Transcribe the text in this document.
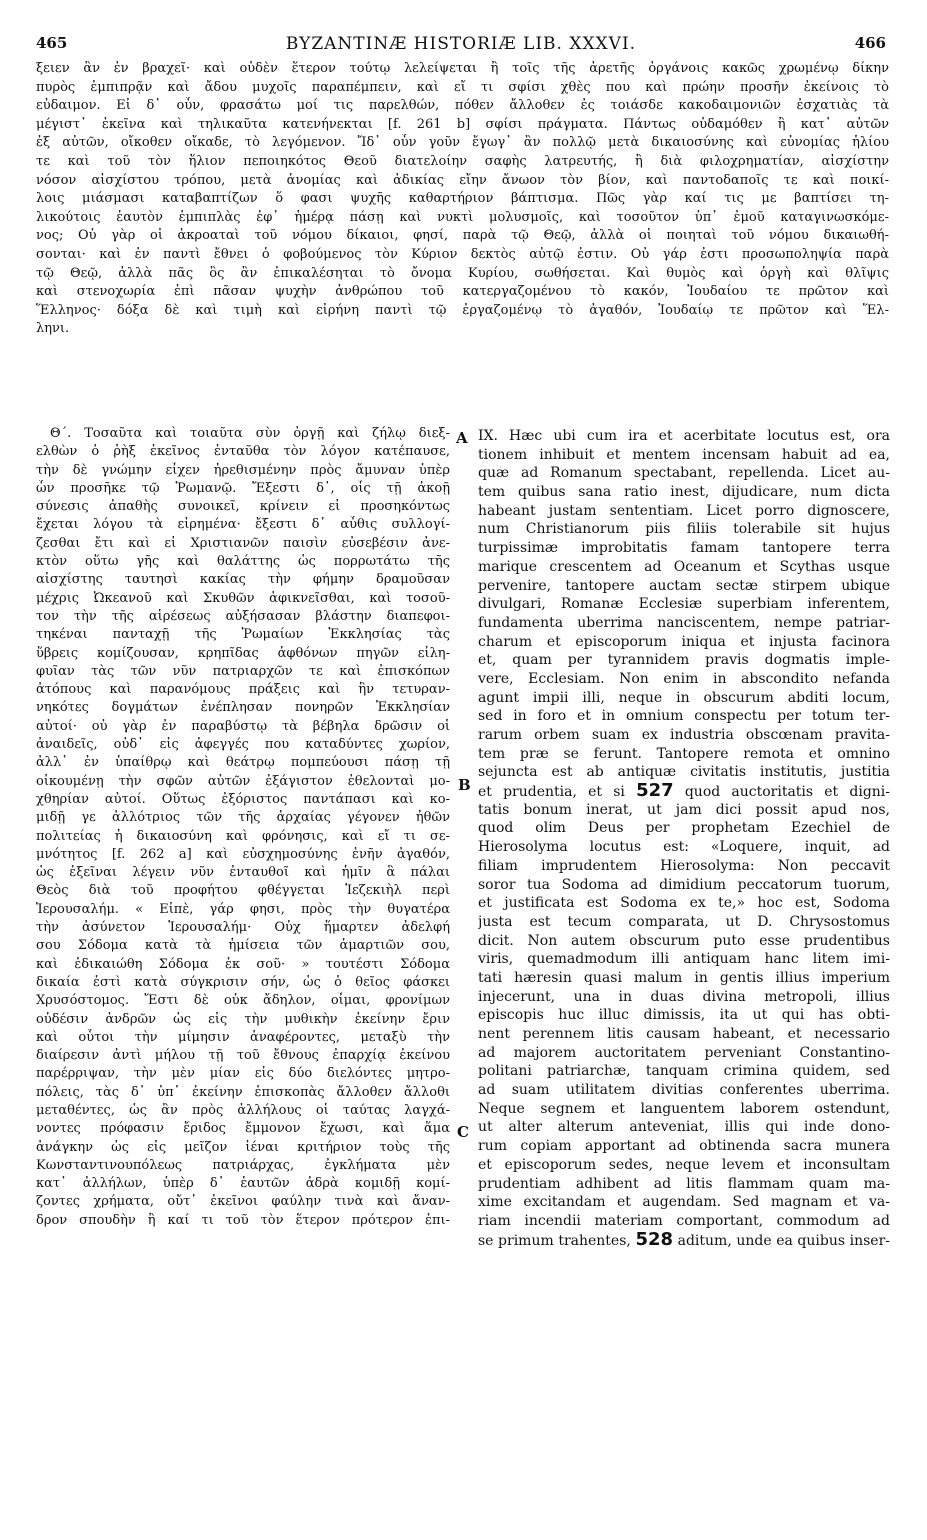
465	BYZANTINÆ HISTORIÆ LIB. XXXVI.	466
ξειεν ἂν ἐν βραχεῖ· καὶ οὐδὲν ἕτερον τούτῳ λελείψεται ἢ τοῖς τῆς ἀρετῆς ὀργάνοις κακῶς χρωμένῳ δίκην
πυρὸς ἐμπιπρᾷν καὶ ἄδου μυχοῖς παραπέμπειν, καὶ εἴ τι σφίσι χθὲς που καὶ πρώην προσῆν ἐκείνοις τὸ
εὐδαιμον. Εἰ δ᾽ οὖν, φρασάτω μοί τις παρελθών, πόθεν ἄλλοθεν ἐς τοιάσδε κακοδαιμονιῶν ἐσχατιὰς τὰ
μέγιστ᾽ ἐκεῖνα καὶ τηλικαῦτα κατενήνεκται [f. 261 b] σφίσι πράγματα. Πάντως οὐδαμόθεν ἢ κατ᾽ αὐτῶν
ἐξ αὐτῶν, οἴκοθεν οἴκαδε, τὸ λεγόμενον. Ἴδ᾽ οὖν γοῦν ἔγωγ᾽ ἂν πολλῷ μετὰ δικαιοσύνης καὶ εὐνομίας ἡλίου
τε καὶ τοῦ τὸν ἥλιον πεποιηκότος Θεοῦ διατελοίην σαφὴς λατρευτής, ἢ διὰ φιλοχρηματίαν, αἰσχίστην
νόσον αἰσχίστου τρόπου, μετὰ ἀνομίας καὶ ἀδικίας εἴην ἄνωον τὸν βίον, καὶ παντοδαποῖς τε καὶ ποικί-
λοις μιάσμασι καταβαπτίζων ὅ φασι ψυχῆς καθαρτήριον βάπτισμα. Πῶς γὰρ καί τις με βαπτίσει τη-
λικούτοις ἑαυτὸν ἐμπιπλὰς ἐφ᾽ ἡμέρᾳ πάσῃ καὶ νυκτὶ μολυσμοῖς, καὶ τοσοῦτον ὑπ᾽ ἐμοῦ καταγινωσκόμε-
νος; Οὐ γὰρ οἱ ἀκροαταὶ τοῦ νόμου δίκαιοι, φησί, παρὰ τῷ Θεῷ, ἀλλὰ οἱ ποιηταὶ τοῦ νόμου δικαιωθή-
σονται· καὶ ἐν παντὶ ἔθνει ὁ φοβούμενος τὸν Κύριον δεκτὸς αὐτῷ ἐστιν. Οὐ γάρ ἐστι προσωποληψία παρὰ
τῷ Θεῷ, ἀλλὰ πᾶς ὃς ἂν ἐπικαλέσηται τὸ ὄνομα Κυρίου, σωθήσεται. Καὶ θυμὸς καὶ ὀργὴ καὶ θλῖψις
καὶ στενοχωρία ἐπὶ πᾶσαν ψυχὴν ἀνθρώπου τοῦ κατεργαζομένου τὸ κακόν, Ἰουδαίου τε πρῶτον καὶ
Ἕλληνος· δόξα δὲ καὶ τιμὴ καὶ εἰρήνη παντὶ τῷ ἐργαζομένῳ τὸ ἀγαθόν, Ἰουδαίῳ τε πρῶτον καὶ Ἕλ-
ληνι.
Θ΄. Τοσαῦτα καὶ τοιαῦτα σὺν ὀργῇ καὶ ζήλῳ διεξ-
ελθὼν ὁ ῥὴξ ἐκεῖνος ἐνταῦθα τὸν λόγον κατέπαυσε,
τὴν δὲ γνώμην εἶχεν ἠρεθισμένην πρὸς ἄμυναν ὑπὲρ
ὧν προσῆκε τῷ Ῥωμανῷ. Ἔξεστι δ᾽, οἷς τῇ ἀκοῇ
σύνεσις ἀπαθὴς συνοικεῖ, κρίνειν εἰ προσηκόντως
ἔχεται λόγου τὰ εἰρημένα· ἔξεστι δ᾽ αὖθις συλλογί-
ζεσθαι ἔτι καὶ εἰ Χριστιανῶν παισὶν εὐσεβέσιν ἀνε-
κτὸν οὕτω γῆς καὶ θαλάττης ὡς πορρωτάτω τῆς
αἰσχίστης ταυτησὶ κακίας τὴν φήμην δραμοῦσαν
μέχρις Ὠκεανοῦ καὶ Σκυθῶν ἀφικνεῖσθαι, καὶ τοσοῦ-
τον τὴν τῆς αἱρέσεως αὐξήσασαν βλάστην διαπεφοι-
τηκέναι πανταχῇ τῆς Ῥωμαίων Ἐκκλησίας τὰς
ὕβρεις κομίζουσαν, κρηπῖδας ἀφθόνων πηγῶν εἰλη-
φυῖαν τὰς τῶν νῦν πατριαρχῶν τε καὶ ἐπισκόπων
ἀτόπους καὶ παρανόμους πράξεις καὶ ἣν τετυραν-
νηκότες δογμάτων ἐνέπλησαν πονηρῶν Ἐκκλησίαν
αὐτοί· οὐ γὰρ ἐν παραβύστῳ τὰ βέβηλα δρῶσιν οἱ
ἀναιδεῖς, οὐδ᾽ εἰς ἀφεγγές που καταδύντες χωρίον,
ἀλλ᾽ ἐν ὑπαίθρῳ καὶ θεάτρῳ πομπεύουσι πάσῃ τῇ
οἰκουμένῃ τὴν σφῶν αὐτῶν ἐξάγιστον ἐθελονταὶ μο-
χθηρίαν αὐτοί. Οὕτως ἐξόριστος παντάπασι καὶ κο-
μιδῇ γε ἀλλότριος τῶν τῆς ἀρχαίας γέγονεν ἠθῶν
πολιτείας ἡ δικαιοσύνη καὶ φρόνησις, καὶ εἴ τι σε-
μνότητος [f. 262 a] καὶ εὐσχημοσύνης ἐνῆν ἀγαθόν,
ὡς ἐξεῖναι λέγειν νῦν ἐνταυθοῖ καὶ ἡμῖν ἃ πάλαι
Θεὸς διὰ τοῦ προφήτου φθέγγεται Ἰεζεκιὴλ περὶ
Ἱερουσαλήμ. « Εἰπὲ, γάρ φησι, πρὸς τὴν θυγατέρα
τὴν ἀσύνετον Ἱερουσαλήμ· Οὐχ ἥμαρτεν ἀδελφή
σου Σόδομα κατὰ τὰ ἡμίσεια τῶν ἁμαρτιῶν σου,
καὶ ἐδικαιώθη Σόδομα ἐκ σοῦ· » τουτέστι Σόδομα
δικαία ἐστὶ κατὰ σύγκρισιν σήν, ὡς ὁ θεῖος φάσκει
Χρυσόστομος. Ἔστι δὲ οὐκ ἄδηλον, οἶμαι, φρονίμων
οὐδέσιν ἀνδρῶν ὡς εἰς τὴν μυθικὴν ἐκείνην ἔριν
καὶ οὗτοι τὴν μίμησιν ἀναφέροντες, μεταξὺ τὴν
διαίρεσιν ἀντὶ μήλου τῇ τοῦ ἔθνους ἐπαρχίᾳ ἐκείνου
παρέρριψαν, τὴν μὲν μίαν εἰς δύο διελόντες μητρο-
πόλεις, τὰς δ᾽ ὑπ᾽ ἐκείνην ἐπισκοπὰς ἄλλοθεν ἄλλοθι
μεταθέντες, ὡς ἂν πρὸς ἀλλήλους οἱ ταύτας λαγχά-
νοντες πρόφασιν ἔριδος ἔμμονον ἔχωσι, καὶ ἅμα
ἀνάγκην ὡς εἰς μεῖζον ἰέναι κριτήριον τοὺς τῆς
Κωνσταντινουπόλεως πατριάρχας, ἐγκλήματα μὲν
κατ᾽ ἀλλήλων, ὑπὲρ δ᾽ ἑαυτῶν ἀδρὰ κομιδῇ κομί-
ζοντες χρήματα, οὔτ᾽ ἐκεῖνοι φαύλην τινὰ καὶ ἄναν-
δρον σπουδὴν ἢ καί τι τοῦ τὸν ἕτερον πρότερον ἐπι-
A
B
C
IX. Hæc ubi cum ira et acerbitate locutus est, ora
tionem inhibuit et mentem incensam habuit ad ea,
quæ ad Romanum spectabant, repellenda. Licet au-
tem quibus sana ratio inest, dijudicare, num dicta
habeant justam sententiam. Licet porro dignoscere,
num Christianorum piis filiis tolerabile sit hujus
turpissimæ improbitatis famam tantopere terra
marique crescentem ad Oceanum et Scythas usque
pervenire, tantopere auctam sectæ stirpem ubique
divulgari, Romanæ Ecclesiæ superbiam inferentem,
fundamenta uberrima nanciscentem, nempe patriar-
charum et episcoporum iniqua et injusta facinora
et, quam per tyrannidem pravis dogmatis imple-
vere, Ecclesiam. Non enim in abscondito nefanda
agunt impii illi, neque in obscurum abditi locum,
sed in foro et in omnium conspectu per totum ter-
rarum orbem suam ex industria obscœnam pravita-
tem præ se ferunt. Tantopere remota et omnino
sejuncta est ab antiquæ civitatis institutis, justitia
et prudentia, et si 527 quod auctoritatis et digni-
tatis bonum inerat, ut jam dici possit apud nos,
quod olim Deus per prophetam Ezechiel de
Hierosolyma locutus est: «Loquere, inquit, ad
filiam imprudentem Hierosolyma: Non peccavit
soror tua Sodoma ad dimidium peccatorum tuorum,
et justificata est Sodoma ex te,» hoc est, Sodoma
justa est tecum comparata, ut D. Chrysostomus
dicit. Non autem obscurum puto esse prudentibus
viris, quemadmodum illi antiquam hanc litem imi-
tati hæresin quasi malum in gentis illius imperium
injecerunt, una in duas divina metropoli, illius
episcopis huc illuc dimissis, ita ut qui has obti-
nent perennem litis causam habeant, et necessario
ad majorem auctoritatem perveniant Constantino-
politani patriarchæ, tanquam crimina quidem, sed
ad suam utilitatem divitias conferentes uberrima.
Neque segnem et languentem laborem ostendunt,
ut alter alterum anteveniat, illis qui inde dono-
rum copiam apportant ad obtinenda sacra munera
et episcoporum sedes, neque levem et inconsultam
prudentiam adhibent ad litis flammam quam ma-
xime excitandam et augendam. Sed magnam et va-
riam incendii materiam comportant, commodum ad
se primum trahentes, 528 aditum, unde ea quibus inser-
